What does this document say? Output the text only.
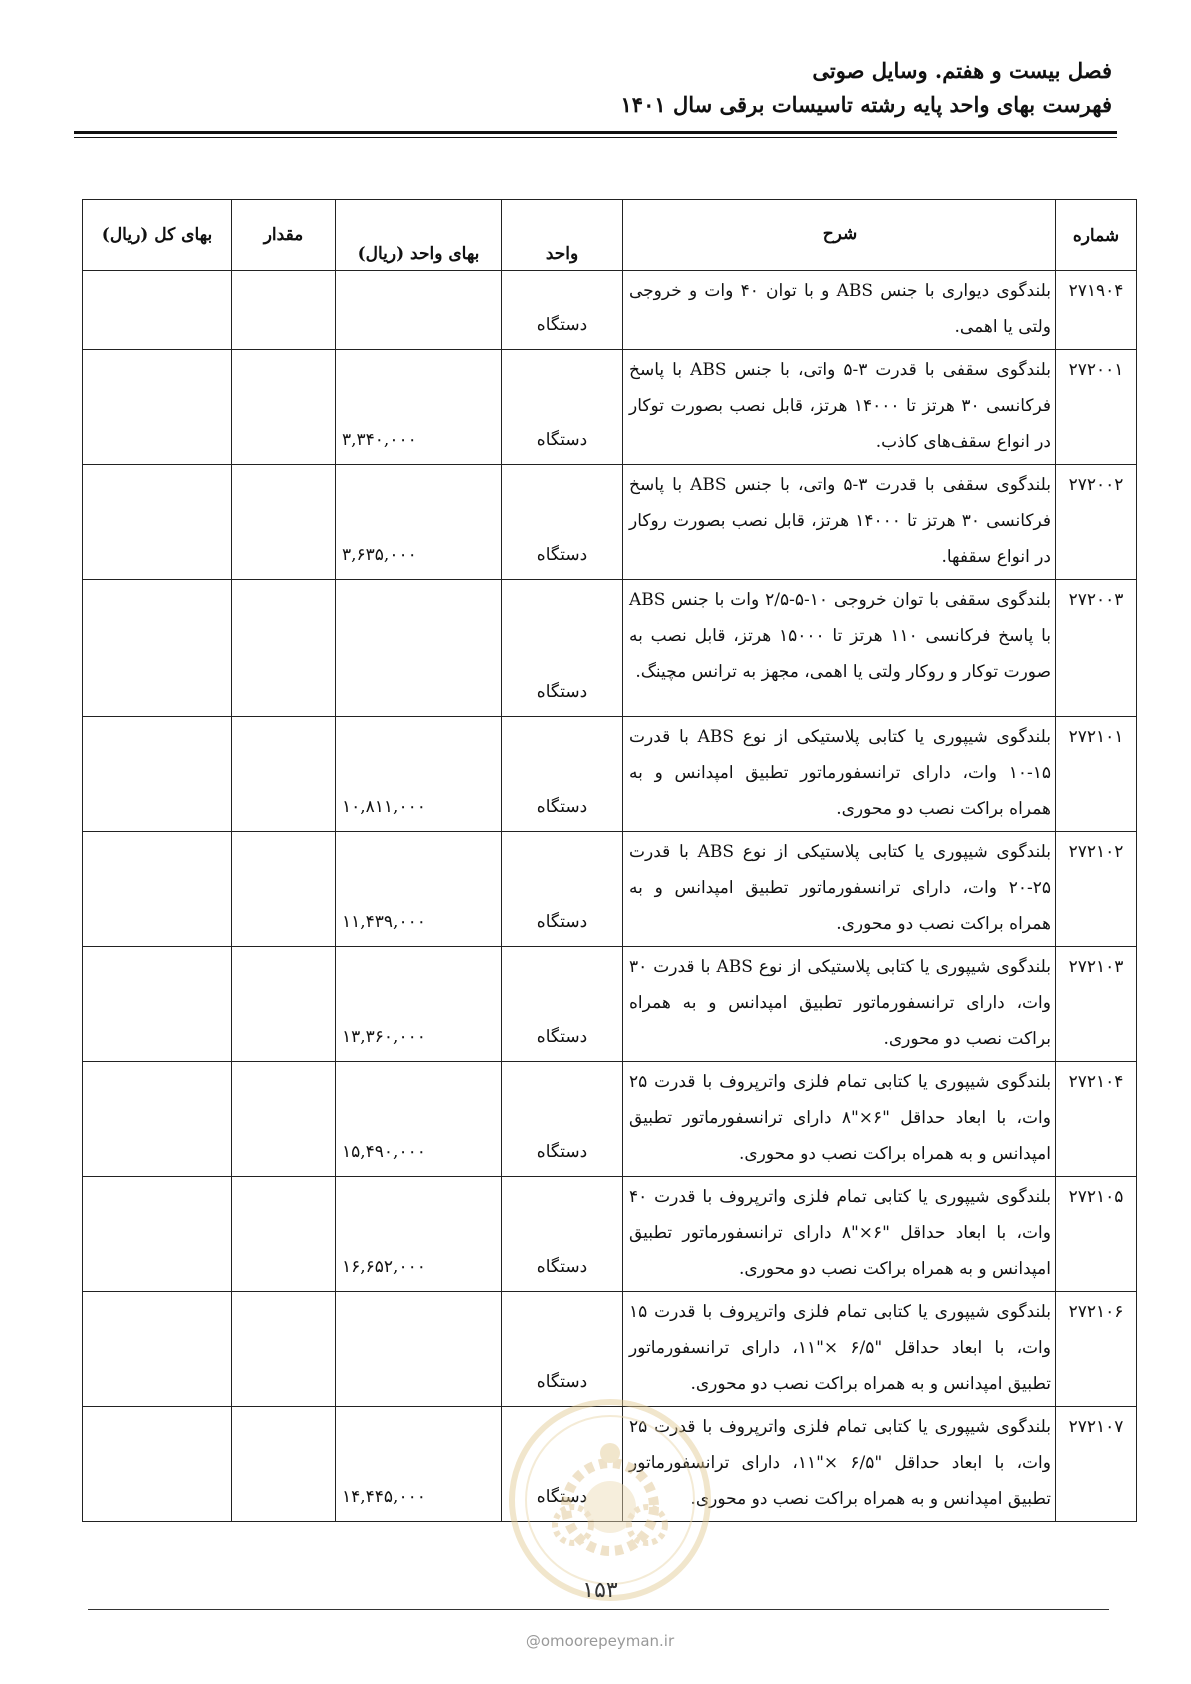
فصل بیست و هفتم. وسایل صوتی
فهرست بهای واحد پایه رشته تاسیسات برقی سال ۱۴۰۱
شماره	شرح	واحد	بهای واحد (ریال)	مقدار	بهای کل (ریال)
۲۷۱۹۰۴	بلندگوی دیواری با جنس ABS و با توان ۴۰ وات و خروجی ولتی یا اهمی.	دستگاه			
۲۷۲۰۰۱	بلندگوی سقفی با قدرت ۳-۵ واتی، با جنس ABS با پاسخ فرکانسی ۳۰ هرتز تا ۱۴۰۰۰ هرتز، قابل نصب بصورت توکار در انواع سقف‌های کاذب.	دستگاه	۳,۳۴۰,۰۰۰		
۲۷۲۰۰۲	بلندگوی سقفی با قدرت ۳-۵ واتی، با جنس ABS با پاسخ فرکانسی ۳۰ هرتز تا ۱۴۰۰۰ هرتز، قابل نصب بصورت روکار در انواع سقفها.	دستگاه	۳,۶۳۵,۰۰۰		
۲۷۲۰۰۳	بلندگوی سقفی با توان خروجی ۱۰-۵-۲/۵ وات با جنس ABS با پاسخ فرکانسی ۱۱۰ هرتز تا ۱۵۰۰۰ هرتز، قابل نصب به صورت توکار و روکار ولتی یا اهمی، مجهز به ترانس مچینگ.	دستگاه			
۲۷۲۱۰۱	بلندگوی شیپوری یا کتابی پلاستیکی از نوع ABS با قدرت ۱۵-۱۰ وات، دارای ترانسفورماتور تطبیق امپدانس و به همراه براکت نصب دو محوری.	دستگاه	۱۰,۸۱۱,۰۰۰		
۲۷۲۱۰۲	بلندگوی شیپوری یا کتابی پلاستیکی از نوع ABS با قدرت ۲۵-۲۰ وات، دارای ترانسفورماتور تطبیق امپدانس و به همراه براکت نصب دو محوری.	دستگاه	۱۱,۴۳۹,۰۰۰		
۲۷۲۱۰۳	بلندگوی شیپوری یا کتابی پلاستیکی از نوع ABS با قدرت ۳۰ وات، دارای ترانسفورماتور تطبیق امپدانس و به همراه براکت نصب دو محوری.	دستگاه	۱۳,۳۶۰,۰۰۰		
۲۷۲۱۰۴	بلندگوی شیپوری یا کتابی تمام فلزی واترپروف با قدرت ۲۵ وات، با ابعاد حداقل "۶×"۸ دارای ترانسفورماتور تطبیق امپدانس و به همراه براکت نصب دو محوری.	دستگاه	۱۵,۴۹۰,۰۰۰		
۲۷۲۱۰۵	بلندگوی شیپوری یا کتابی تمام فلزی واترپروف با قدرت ۴۰ وات، با ابعاد حداقل "۶×"۸ دارای ترانسفورماتور تطبیق امپدانس و به همراه براکت نصب دو محوری.	دستگاه	۱۶,۶۵۲,۰۰۰		
۲۷۲۱۰۶	بلندگوی شیپوری یا کتابی تمام فلزی واترپروف با قدرت ۱۵ وات، با ابعاد حداقل "۶/۵ ×"۱۱، دارای ترانسفورماتور تطبیق امپدانس و به همراه براکت نصب دو محوری.	دستگاه			
۲۷۲۱۰۷	بلندگوی شیپوری یا کتابی تمام فلزی واترپروف با قدرت ۲۵ وات، با ابعاد حداقل "۶/۵ ×"۱۱، دارای ترانسفورماتور تطبیق امپدانس و به همراه براکت نصب دو محوری.	دستگاه	۱۴,۴۴۵,۰۰۰		
۱۵۳
@omoorepeyman.ir
